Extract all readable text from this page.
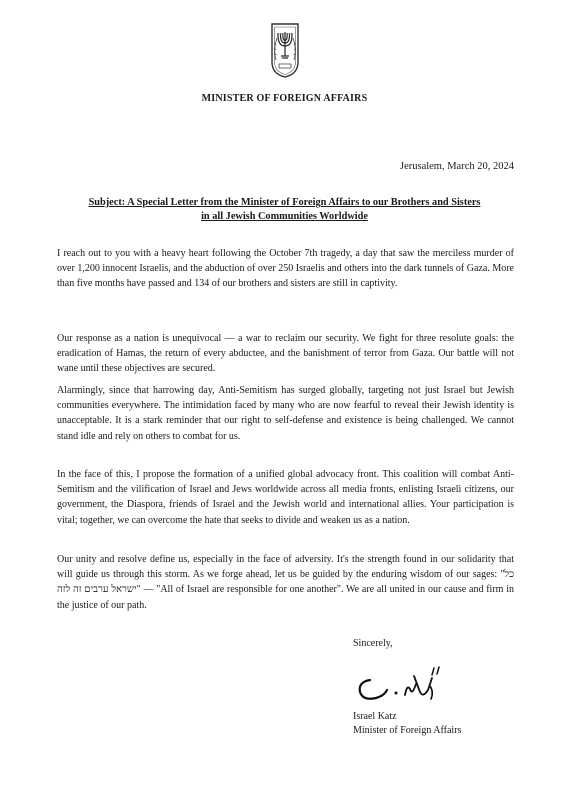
MINISTER OF FOREIGN AFFAIRS
Jerusalem, March 20, 2024
Subject: A Special Letter from the Minister of Foreign Affairs to our Brothers and Sisters
in all Jewish Communities Worldwide

I reach out to you with a heavy heart following the October 7th tragedy, a day that saw the merciless murder of over 1,200 innocent Israelis, and the abduction of over 250 Israelis and others into the dark tunnels of Gaza. More than five months have passed and 134 of our brothers and sisters are still in captivity.

Our response as a nation is unequivocal — a war to reclaim our security. We fight for three resolute goals: the eradication of Hamas, the return of every abductee, and the banishment of terror from Gaza. Our battle will not wane until these objectives are secured.

Alarmingly, since that harrowing day, Anti-Semitism has surged globally, targeting not just Israel but Jewish communities everywhere. The intimidation faced by many who are now fearful to reveal their Jewish identity is unacceptable. It is a stark reminder that our right to self-defense and existence is being challenged. We cannot stand idle and rely on others to combat for us.

In the face of this, I propose the formation of a unified global advocacy front. This coalition will combat Anti-Semitism and the vilification of Israel and Jews worldwide across all media fronts, enlisting Israeli citizens, our government, the Diaspora, friends of Israel and the Jewish world and international allies. Your participation is vital; together, we can overcome the hate that seeks to divide and weaken us as a nation.

Our unity and resolve define us, especially in the face of adversity. It's the strength found in our solidarity that will guide us through this storm. As we forge ahead, let us be guided by the enduring wisdom of our sages: "כל ישראל ערבים זה לזה" — "All of Israel are responsible for one another". We are all united in our cause and firm in the justice of our path.

Sincerely,
Israel Katz
Minister of Foreign Affairs
